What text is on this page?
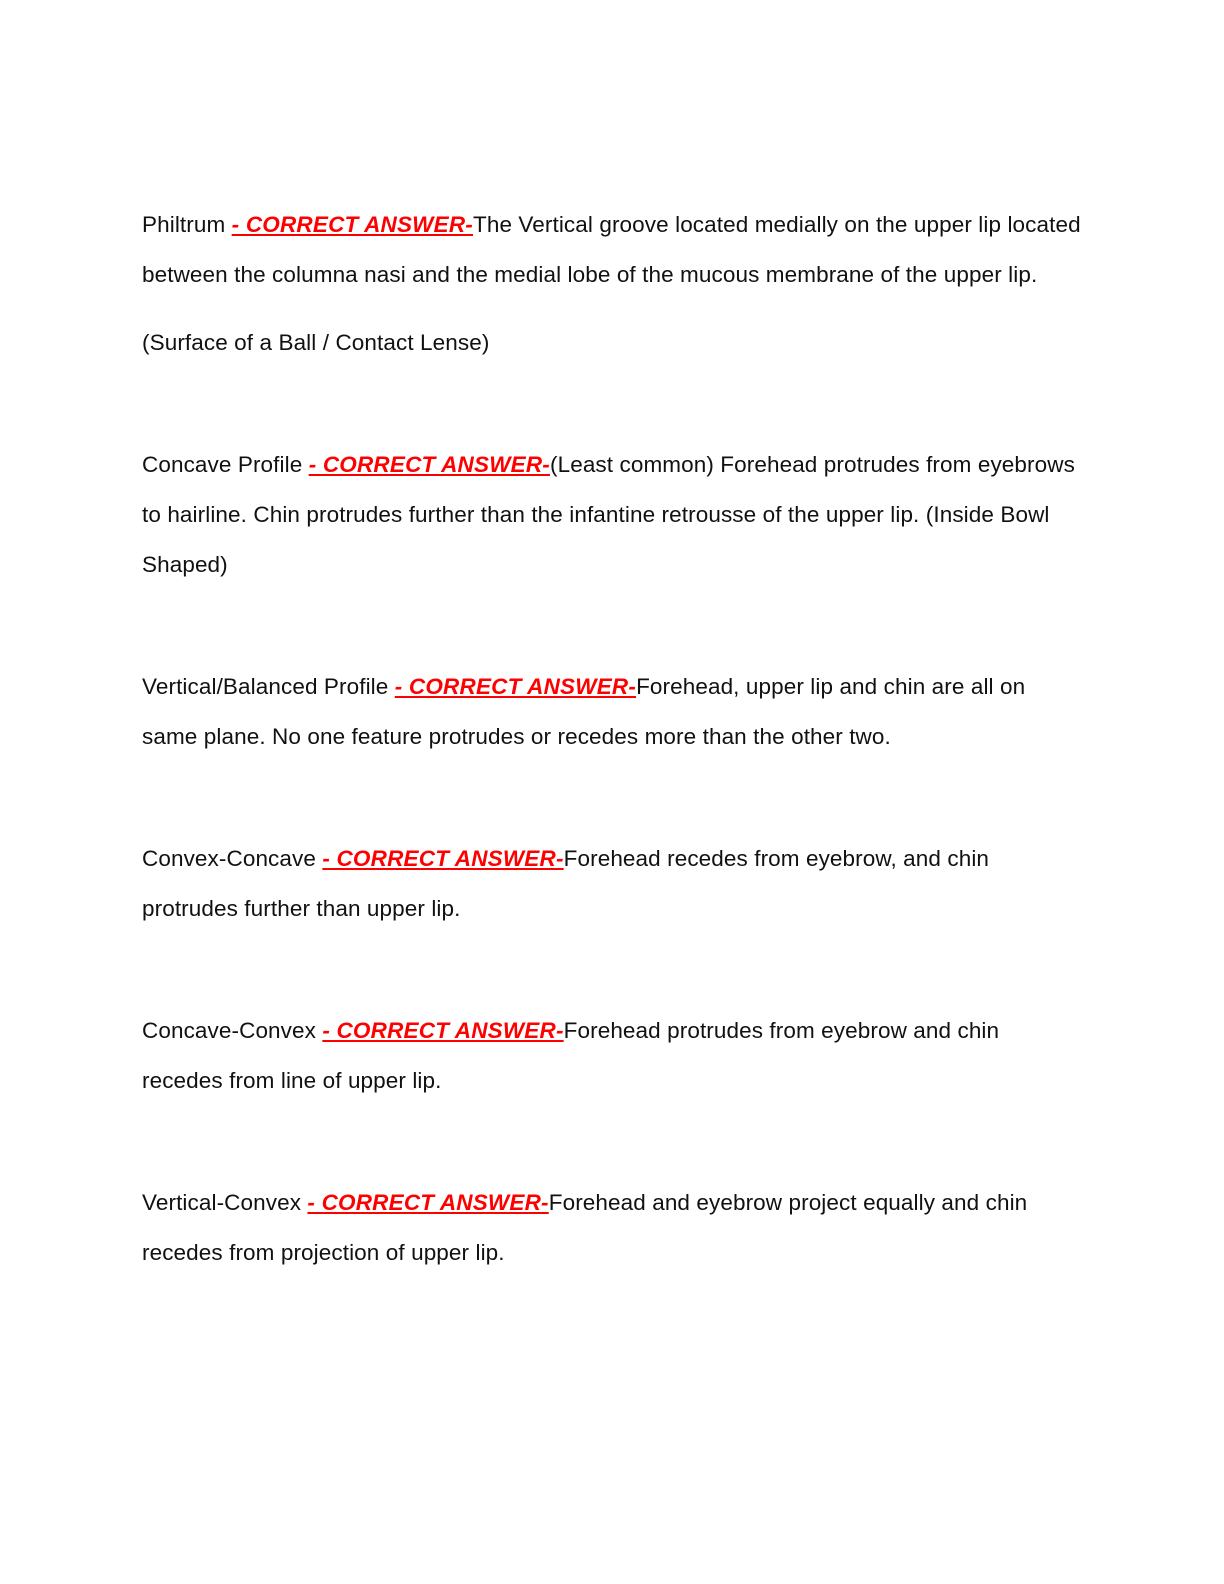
Philtrum - CORRECT ANSWER-The Vertical groove located medially on the upper lip located between the columna nasi and the medial lobe of the mucous membrane of the upper lip.

(Surface of a Ball / Contact Lense)

Concave Profile - CORRECT ANSWER-(Least common) Forehead protrudes from eyebrows to hairline. Chin protrudes further than the infantine retrousse of the upper lip. (Inside Bowl Shaped)

Vertical/Balanced Profile - CORRECT ANSWER-Forehead, upper lip and chin are all on same plane. No one feature protrudes or recedes more than the other two.

Convex-Concave - CORRECT ANSWER-Forehead recedes from eyebrow, and chin protrudes further than upper lip.

Concave-Convex - CORRECT ANSWER-Forehead protrudes from eyebrow and chin recedes from line of upper lip.

Vertical-Convex - CORRECT ANSWER-Forehead and eyebrow project equally and chin recedes from projection of upper lip.
